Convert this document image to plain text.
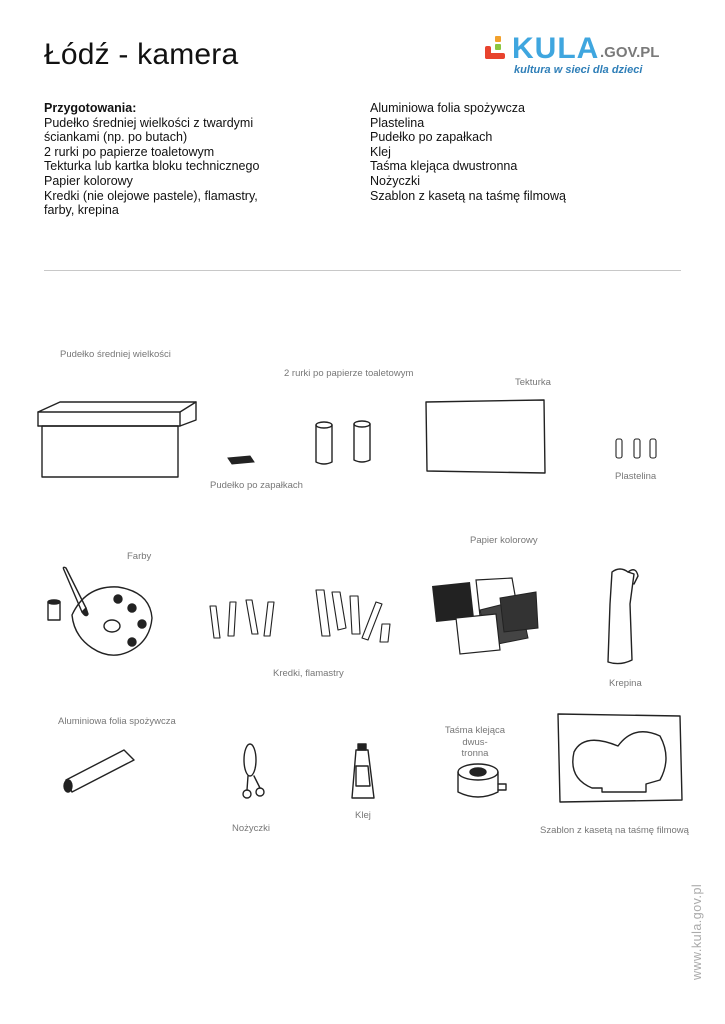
Łódź - kamera	KULA .GOV.PL
kultura w sieci dla dzieci
Przygotowania:
Pudełko średniej wielkości z twardymi
ściankami (np. po butach)
2 rurki po papierze toaletowym
Tekturka lub kartka bloku technicznego
Papier kolorowy
Kredki (nie olejowe pastele), flamastry,
farby, krepina
Aluminiowa folia spożywcza
Plastelina
Pudełko po zapałkach
Klej
Taśma klejąca dwustronna
Nożyczki
Szablon z kasetą na taśmę filmową
Pudełko średniej wielkości
2 rurki po papierze toaletowym
Tekturka
Plastelina
Pudełko po zapałkach
Farby
Papier kolorowy
Kredki, flamastry
Krepina
Aluminiowa folia spożywcza
Taśma klejąca dwus-
tronna
Nożyczki
Klej
Szablon z kasetą na taśmę filmową
www.kula.gov.pl
